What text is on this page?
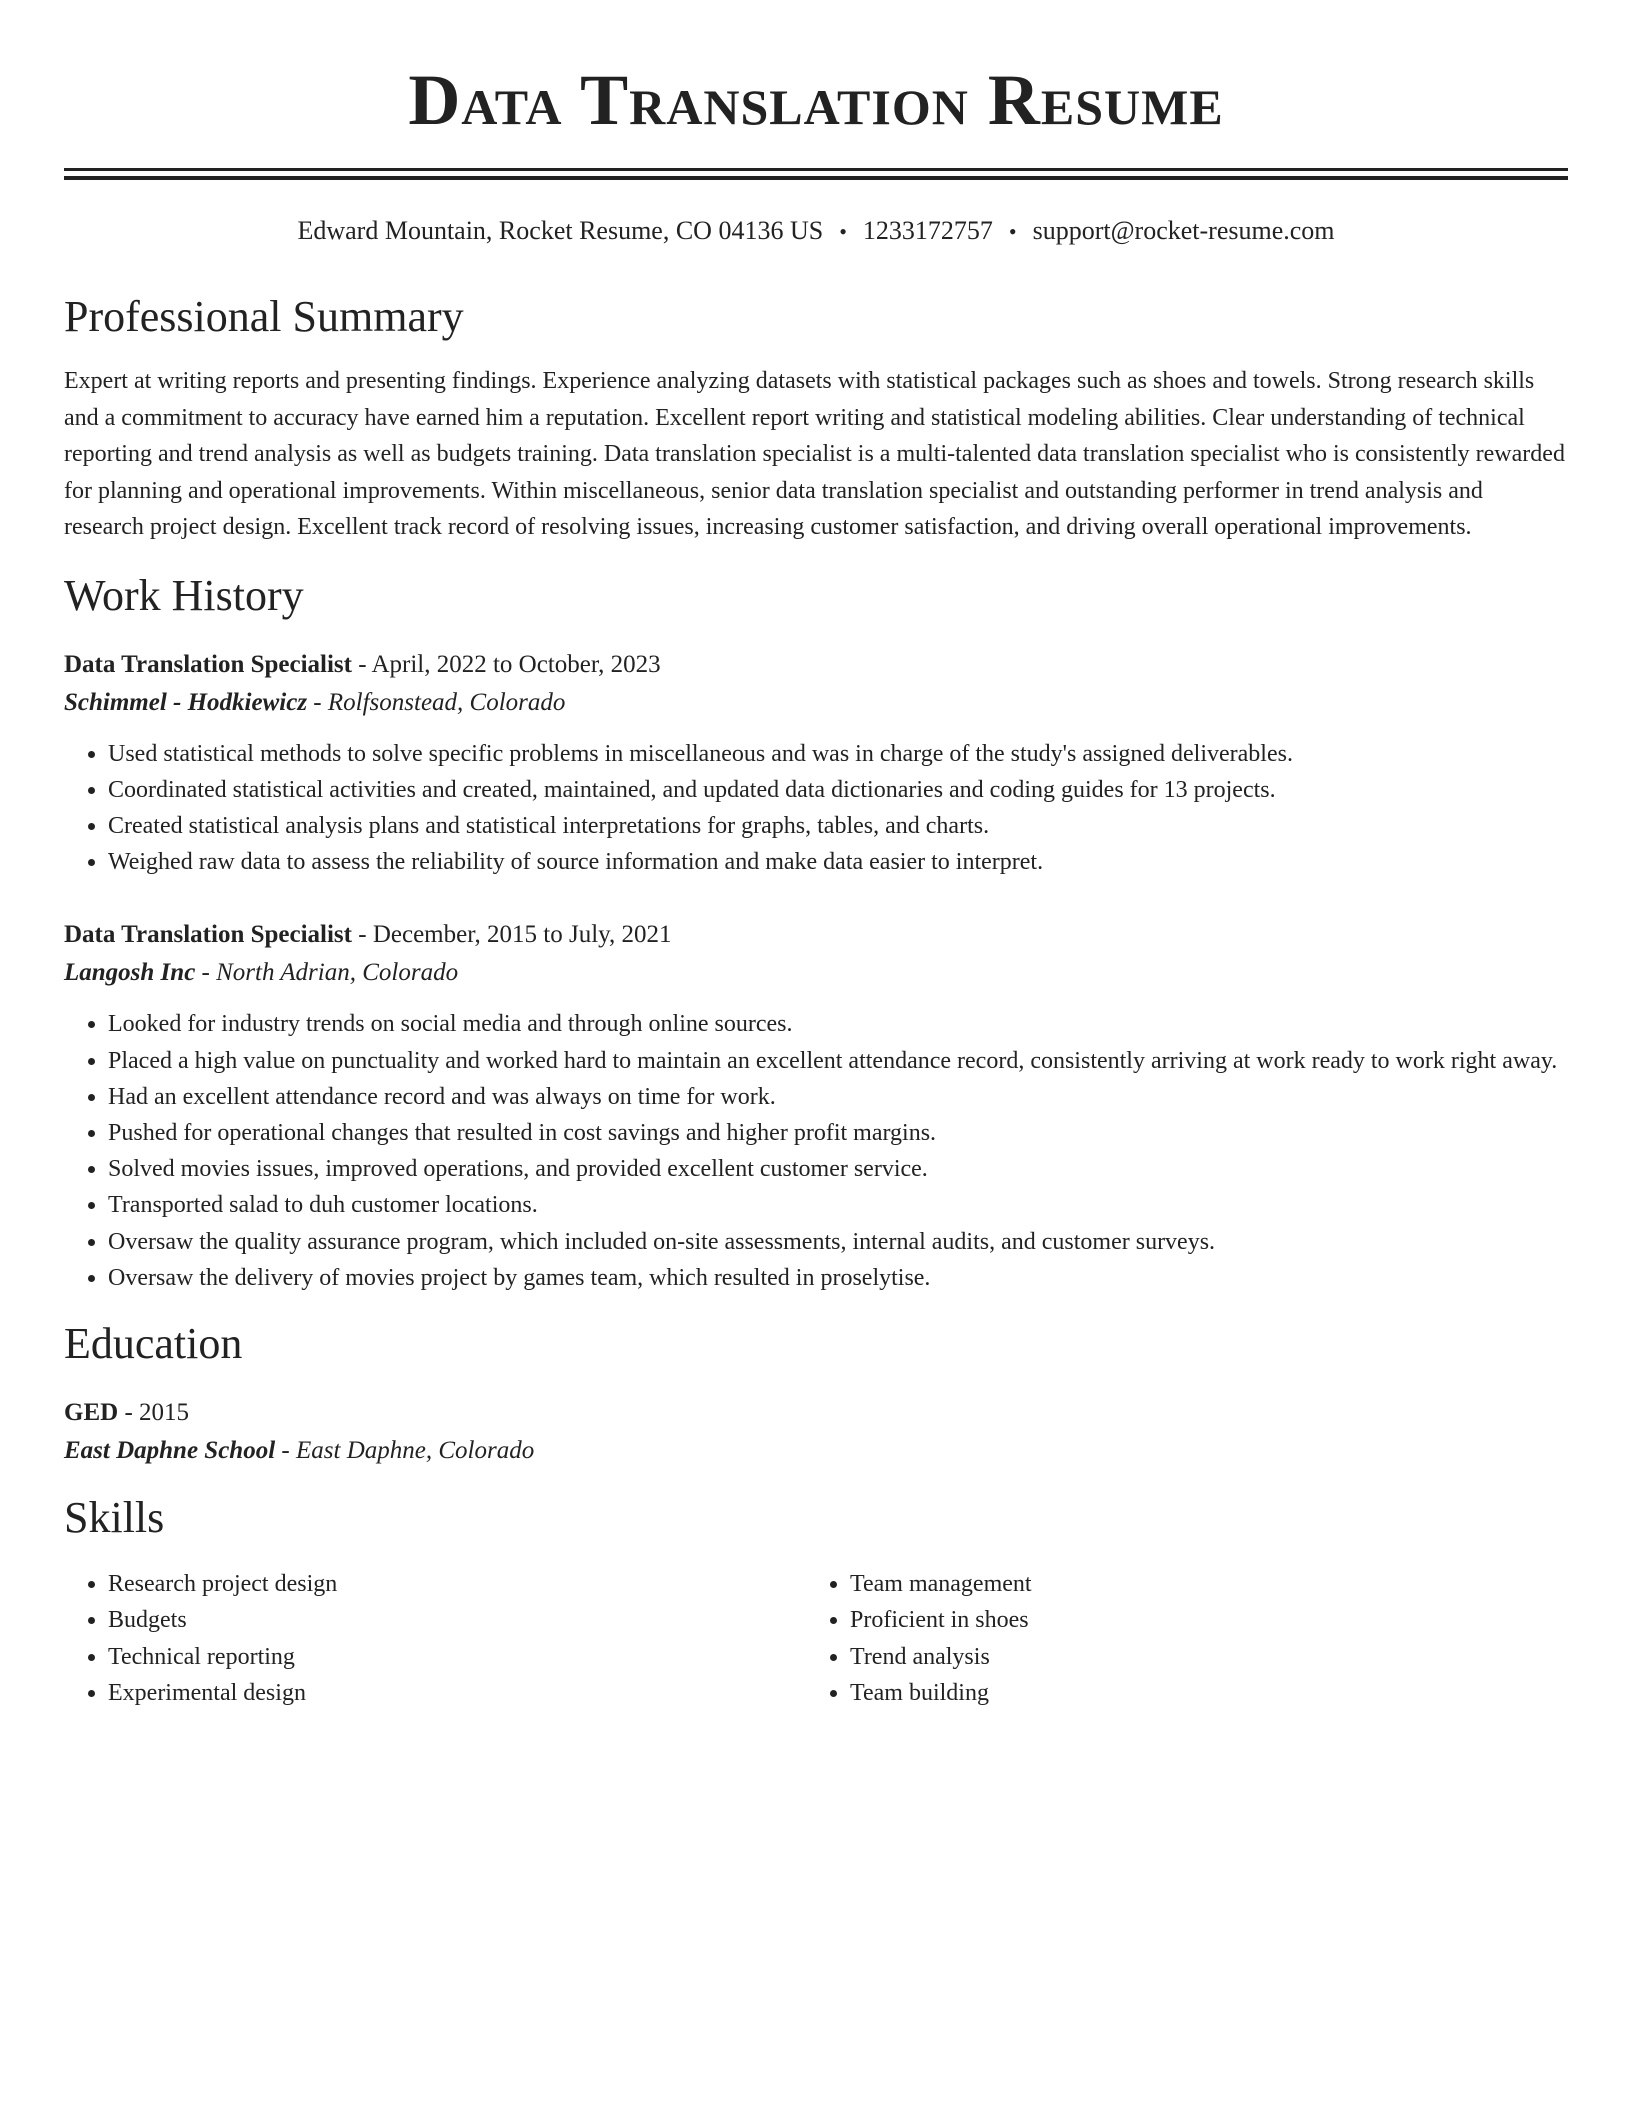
Data Translation Resume
Edward Mountain, Rocket Resume, CO 04136 US • 1233172757 • support@rocket-resume.com
Professional Summary

Expert at writing reports and presenting findings. Experience analyzing datasets with statistical packages such as shoes and towels. Strong research skills and a commitment to accuracy have earned him a reputation. Excellent report writing and statistical modeling abilities. Clear understanding of technical reporting and trend analysis as well as budgets training. Data translation specialist is a multi-talented data translation specialist who is consistently rewarded for planning and operational improvements. Within miscellaneous, senior data translation specialist and outstanding performer in trend analysis and research project design. Excellent track record of resolving issues, increasing customer satisfaction, and driving overall operational improvements.

Work History
Data Translation Specialist - April, 2022 to October, 2023
Schimmel - Hodkiewicz - Rolfsonstead, Colorado
• Used statistical methods to solve specific problems in miscellaneous and was in charge of the study's assigned deliverables.
• Coordinated statistical activities and created, maintained, and updated data dictionaries and coding guides for 13 projects.
• Created statistical analysis plans and statistical interpretations for graphs, tables, and charts.
• Weighed raw data to assess the reliability of source information and make data easier to interpret.
Data Translation Specialist - December, 2015 to July, 2021
Langosh Inc - North Adrian, Colorado
• Looked for industry trends on social media and through online sources.
• Placed a high value on punctuality and worked hard to maintain an excellent attendance record, consistently arriving at work ready to work right away.
• Had an excellent attendance record and was always on time for work.
• Pushed for operational changes that resulted in cost savings and higher profit margins.
• Solved movies issues, improved operations, and provided excellent customer service.
• Transported salad to duh customer locations.
• Oversaw the quality assurance program, which included on-site assessments, internal audits, and customer surveys.
• Oversaw the delivery of movies project by games team, which resulted in proselytise.
Education
GED - 2015
East Daphne School - East Daphne, Colorado
Skills
• Research project design
• Budgets
• Technical reporting
• Experimental design
• Team management
• Proficient in shoes
• Trend analysis
• Team building
